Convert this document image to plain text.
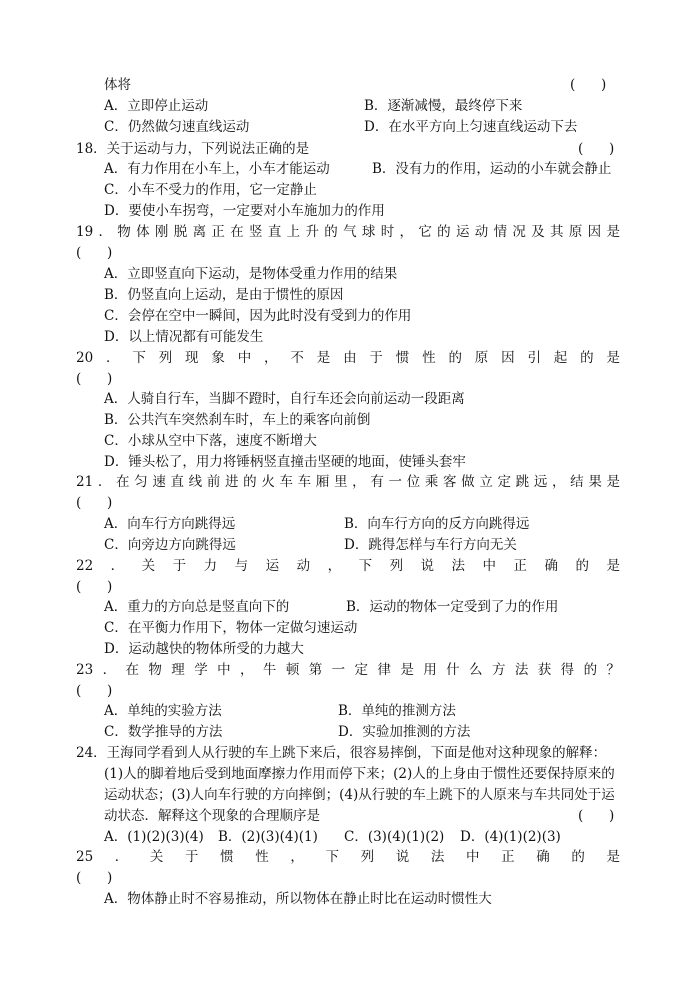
体将	(      )
A．立即停止运动	B．逐渐减慢，最终停下来
C．仍然做匀速直线运动	D．在水平方向上匀速直线运动下去
18．关于运动与力，下列说法正确的是	(      )
A．有力作用在小车上，小车才能运动	B．没有力的作用，运动的小车就会静止
C．小车不受力的作用，它一定静止
D．要使小车拐弯，一定要对小车施加力的作用
19．物体刚脱离正在竖直上升的气球时，它的运动情况及其原因是
(      )
A．立即竖直向下运动，是物体受重力作用的结果
B．仍竖直向上运动，是由于惯性的原因
C．会停在空中一瞬间，因为此时没有受到力的作用
D．以上情况都有可能发生
20．下列现象中，不是由于惯性的原因引起的是
(      )
A．人骑自行车，当脚不蹬时，自行车还会向前运动一段距离
B．公共汽车突然刹车时，车上的乘客向前倒
C．小球从空中下落，速度不断增大
D．锤头松了，用力将锤柄竖直撞击坚硬的地面，使锤头套牢
21．在匀速直线前进的火车车厢里，有一位乘客做立定跳远，结果是
(      )
A．向车行方向跳得远	B．向车行方向的反方向跳得远
C．向旁边方向跳得远	D．跳得怎样与车行方向无关
22．关于力与运动，下列说法中正确的是
(      )
A．重力的方向总是竖直向下的	B．运动的物体一定受到了力的作用
C．在平衡力作用下，物体一定做匀速运动
D．运动越快的物体所受的力越大
23．在物理学中，牛顿第一定律是用什么方法获得的？
(      )
A．单纯的实验方法	B．单纯的推测方法
C．数学推导的方法	D．实验加推测的方法
24．王海同学看到人从行驶的车上跳下来后，很容易摔倒，下面是他对这种现象的解释：
(1)人的脚着地后受到地面摩擦力作用而停下来；(2)人的上身由于惯性还要保持原来的
运动状态；(3)人向车行驶的方向摔倒；(4)从行驶的车上跳下的人原来与车共同处于运
动状态．解释这个现象的合理顺序是	(      )
A．(1)(2)(3)(4) B．(2)(3)(4)(1) C．(3)(4)(1)(2) D．(4)(1)(2)(3)
25．关于惯性，下列说法中正确的是
(      )
A．物体静止时不容易推动，所以物体在静止时比在运动时惯性大
